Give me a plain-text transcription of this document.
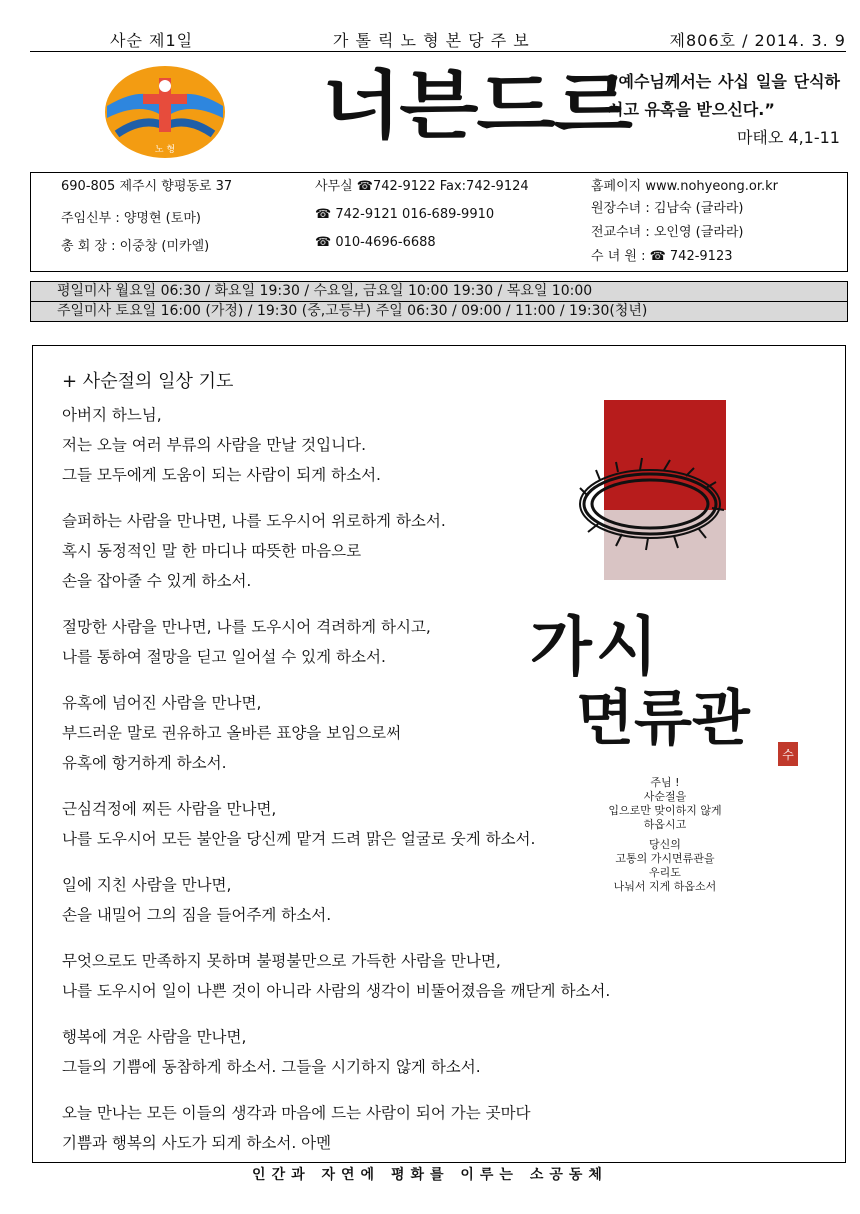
사순 제1일	가 톨 릭 노 형 본 당 주 보	제806호 / 2014. 3. 9
노 형
너븐드르
“예수님께서는 사십 일을 단식하시고 유혹을 받으신다.”
마태오 4,1-11
690-805 제주시 향평동로 37
주임신부 : 양명현 (토마)
총 회 장 : 이중창 (미카엘)
사무실 ☎742-9122 Fax:742-9124
☎ 742-9121 016-689-9910
☎ 010-4696-6688
홈페이지 www.nohyeong.or.kr
원장수녀 : 김남숙 (글라라)
전교수녀 : 오인영 (글라라)
수 녀 원 : ☎ 742-9123
평일미사 월요일 06:30 / 화요일 19:30 / 수요일, 금요일 10:00 19:30 / 목요일 10:00
주일미사 토요일 16:00 (가정) / 19:30 (중,고등부) 주일 06:30 / 09:00 / 11:00 / 19:30(청년)
+ 사순절의 일상 기도

아버지 하느님,
저는 오늘 여러 부류의 사람을 만날 것입니다.
그들 모두에게 도움이 되는 사람이 되게 하소서.

슬퍼하는 사람을 만나면, 나를 도우시어 위로하게 하소서.
혹시 동정적인 말 한 마디나 따뜻한 마음으로
손을 잡아줄 수 있게 하소서.

절망한 사람을 만나면, 나를 도우시어 격려하게 하시고,
나를 통하여 절망을 딛고 일어설 수 있게 하소서.

유혹에 넘어진 사람을 만나면,
부드러운 말로 권유하고 올바른 표양을 보임으로써
유혹에 항거하게 하소서.

근심걱정에 찌든 사람을 만나면,
나를 도우시어 모든 불안을 당신께 맡겨 드려 맑은 얼굴로 웃게 하소서.

일에 지친 사람을 만나면,
손을 내밀어 그의 짐을 들어주게 하소서.

무엇으로도 만족하지 못하며 불평불만으로 가득한 사람을 만나면,
나를 도우시어 일이 나쁜 것이 아니라 사람의 생각이 비뚤어졌음을 깨닫게 하소서.

행복에 겨운 사람을 만나면,
그들의 기쁨에 동참하게 하소서. 그들을 시기하지 않게 하소서.

오늘 만나는 모든 이들의 생각과 마음에 드는 사람이 되어 가는 곳마다
기쁨과 행복의 사도가 되게 하소서. 아멘

가시
면류관
수
주님 !
사순절을
입으로만 맞이하지 않게
하옵시고
당신의
고통의 가시면류관을
우리도
나눠서 지게 하옵소서
인간과 자연에 평화를 이루는 소공동체
